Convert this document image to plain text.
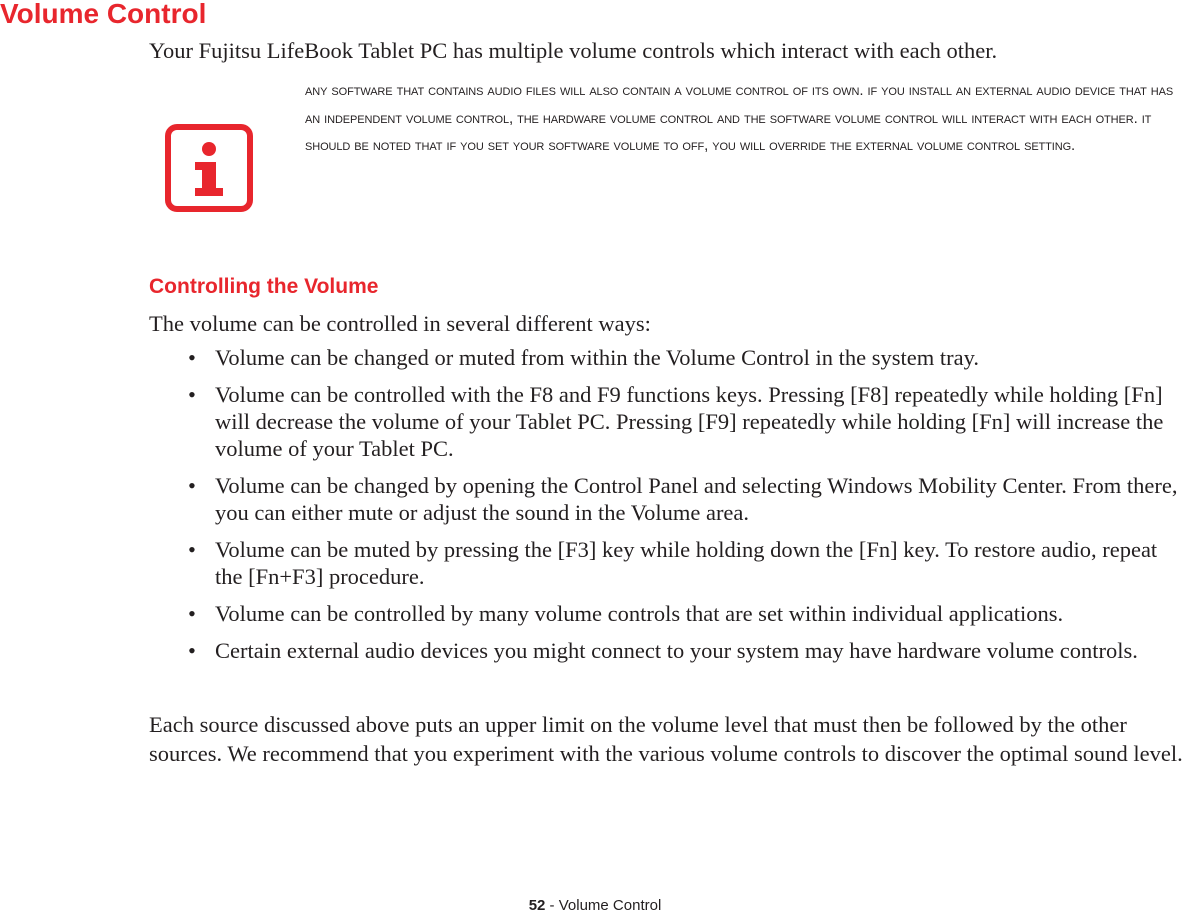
Volume Control
Your Fujitsu LifeBook Tablet PC has multiple volume controls which interact with each other.
any software that contains audio files will also contain a volume control of its own. if you install an external audio device that has an independent volume control, the hardware volume control and the software volume control will interact with each other. it should be noted that if you set your software volume to off, you will override the external volume control setting.
Controlling the Volume
The volume can be controlled in several different ways:
• Volume can be changed or muted from within the Volume Control in the system tray.
• Volume can be controlled with the F8 and F9 functions keys. Pressing [F8] repeatedly while holding [Fn] will decrease the volume of your Tablet PC. Pressing [F9] repeatedly while holding [Fn] will increase the volume of your Tablet PC.
• Volume can be changed by opening the Control Panel and selecting Windows Mobility Center. From there, you can either mute or adjust the sound in the Volume area.
• Volume can be muted by pressing the [F3] key while holding down the [Fn] key. To restore audio, repeat the [Fn+F3] procedure.
• Volume can be controlled by many volume controls that are set within individual applications.
• Certain external audio devices you might connect to your system may have hardware volume controls.
Each source discussed above puts an upper limit on the volume level that must then be followed by the other sources. We recommend that you experiment with the various volume controls to discover the optimal sound level.
52 - Volume Control
